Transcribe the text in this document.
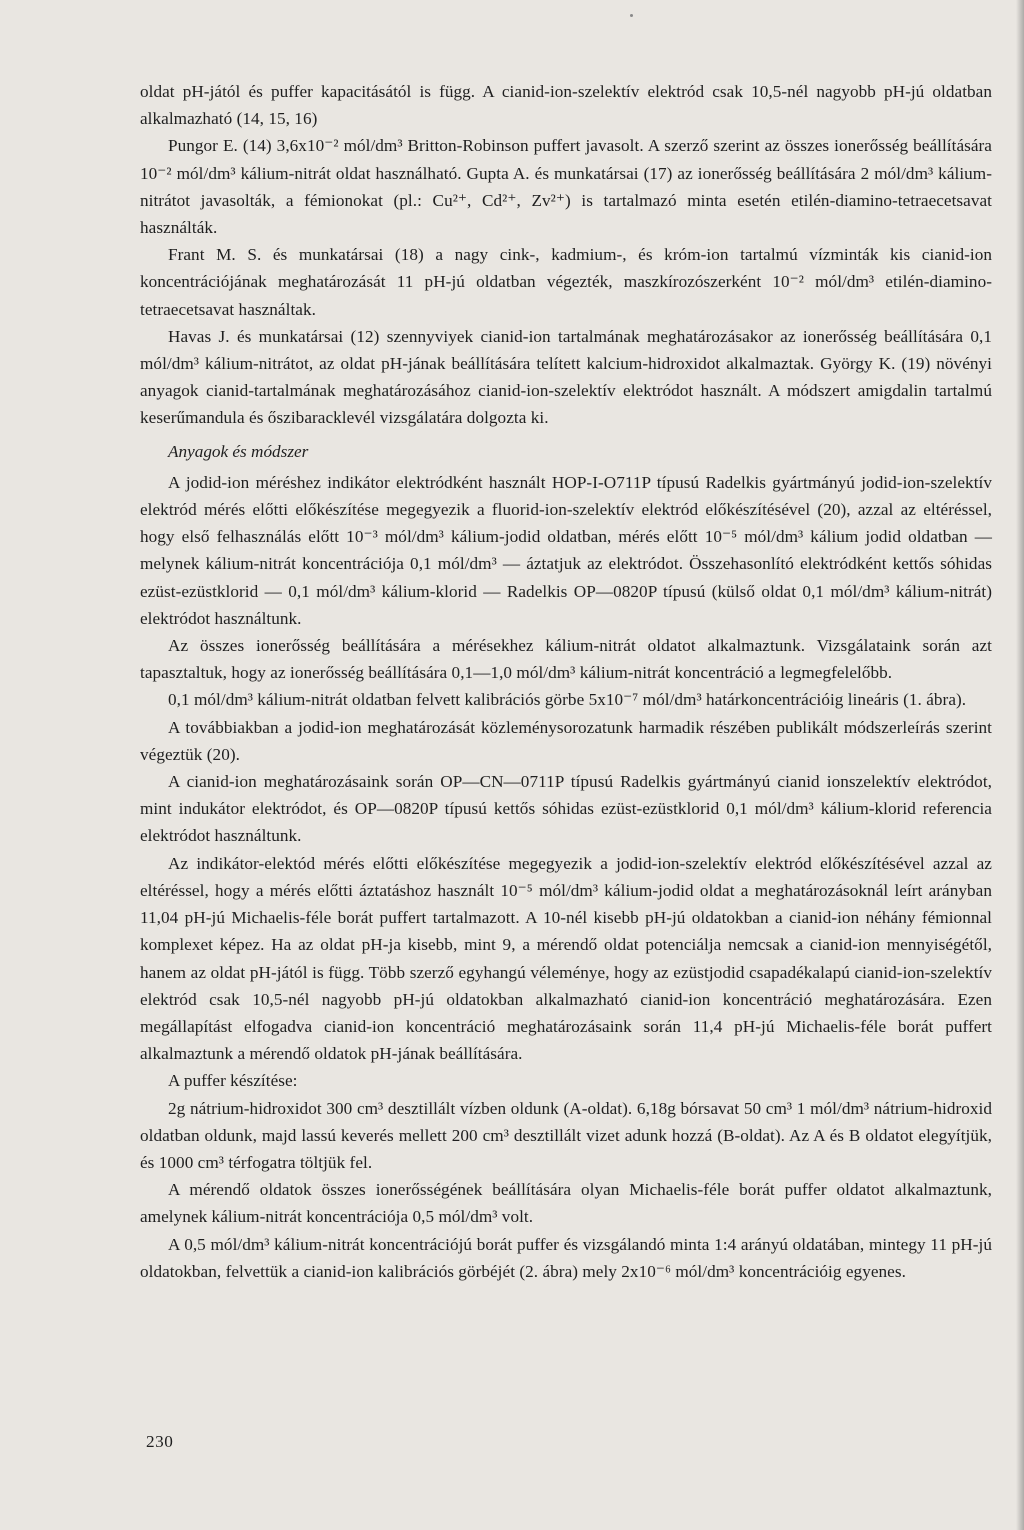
oldat pH-jától és puffer kapacitásától is függ. A cianid-ion-szelektív elektród csak 10,5-nél nagyobb pH-jú oldatban alkalmazható (14, 15, 16)

Pungor E. (14) 3,6x10⁻² mól/dm³ Britton-Robinson puffert javasolt. A szerző szerint az összes ionerősség beállítására 10⁻² mól/dm³ kálium-nitrát oldat használható. Gupta A. és munkatársai (17) az ionerősség beállítására 2 mól/dm³ kálium-nitrátot javasolták, a fémionokat (pl.: Cu²⁺, Cd²⁺, Zv²⁺) is tartalmazó minta esetén etilén-diamino-tetraecetsavat használták.

Frant M. S. és munkatársai (18) a nagy cink-, kadmium-, és króm-ion tartalmú vízminták kis cianid-ion koncentrációjának meghatározását 11 pH-jú oldatban végezték, maszkírozószerként 10⁻² mól/dm³ etilén-diamino-tetraecetsavat használtak.

Havas J. és munkatársai (12) szennyviyek cianid-ion tartalmának meghatározásakor az ionerősség beállítására 0,1 mól/dm³ kálium-nitrátot, az oldat pH-jának beállítására telített kalcium-hidroxidot alkalmaztak. György K. (19) növényi anyagok cianid-tartalmának meghatározásához cianid-ion-szelektív elektródot használt. A módszert amigdalin tartalmú keserűmandula és őszibaracklevél vizsgálatára dolgozta ki.

Anyagok és módszer

A jodid-ion méréshez indikátor elektródként használt HOP-I-O711P típusú Radelkis gyártmányú jodid-ion-szelektív elektród mérés előtti előkészítése megegyezik a fluorid-ion-szelektív elektród előkészítésével (20), azzal az eltéréssel, hogy első felhasználás előtt 10⁻³ mól/dm³ kálium-jodid oldatban, mérés előtt 10⁻⁵ mól/dm³ kálium jodid oldatban — melynek kálium-nitrát koncentrációja 0,1 mól/dm³ — áztatjuk az elektródot. Összehasonlító elektródként kettős sóhidas ezüst-ezüstklorid — 0,1 mól/dm³ kálium-klorid — Radelkis OP—0820P típusú (külső oldat 0,1 mól/dm³ kálium-nitrát) elektródot használtunk.

Az összes ionerősség beállítására a mérésekhez kálium-nitrát oldatot alkalmaztunk. Vizsgálataink során azt tapasztaltuk, hogy az ionerősség beállítására 0,1—1,0 mól/dm³ kálium-nitrát koncentráció a legmegfelelőbb.

0,1 mól/dm³ kálium-nitrát oldatban felvett kalibrációs görbe 5x10⁻⁷ mól/dm³ határkoncentrációig lineáris (1. ábra).

A továbbiakban a jodid-ion meghatározását közleménysorozatunk harmadik részében publikált módszerleírás szerint végeztük (20).

A cianid-ion meghatározásaink során OP—CN—0711P típusú Radelkis gyártmányú cianid ionszelektív elektródot, mint indukátor elektródot, és OP—0820P típusú kettős sóhidas ezüst-ezüstklorid 0,1 mól/dm³ kálium-klorid referencia elektródot használtunk.

Az indikátor-elektód mérés előtti előkészítése megegyezik a jodid-ion-szelektív elektród előkészítésével azzal az eltéréssel, hogy a mérés előtti áztatáshoz használt 10⁻⁵ mól/dm³ kálium-jodid oldat a meghatározásoknál leírt arányban 11,04 pH-jú Michaelis-féle borát puffert tartalmazott. A 10-nél kisebb pH-jú oldatokban a cianid-ion néhány fémionnal komplexet képez. Ha az oldat pH-ja kisebb, mint 9, a mérendő oldat potenciálja nemcsak a cianid-ion mennyiségétől, hanem az oldat pH-jától is függ. Több szerző egyhangú véleménye, hogy az ezüstjodid csapadékalapú cianid-ion-szelektív elektród csak 10,5-nél nagyobb pH-jú oldatokban alkalmazható cianid-ion koncentráció meghatározására. Ezen megállapítást elfogadva cianid-ion koncentráció meghatározásaink során 11,4 pH-jú Michaelis-féle borát puffert alkalmaztunk a mérendő oldatok pH-jának beállítására.

A puffer készítése:

2g nátrium-hidroxidot 300 cm³ desztillált vízben oldunk (A-oldat). 6,18g bórsavat 50 cm³ 1 mól/dm³ nátrium-hidroxid oldatban oldunk, majd lassú keverés mellett 200 cm³ desztillált vizet adunk hozzá (B-oldat). Az A és B oldatot elegyítjük, és 1000 cm³ térfogatra töltjük fel.

A mérendő oldatok összes ionerősségének beállítására olyan Michaelis-féle borát puffer oldatot alkalmaztunk, amelynek kálium-nitrát koncentrációja 0,5 mól/dm³ volt.

A 0,5 mól/dm³ kálium-nitrát koncentrációjú borát puffer és vizsgálandó minta 1:4 arányú oldatában, mintegy 11 pH-jú oldatokban, felvettük a cianid-ion kalibrációs görbéjét (2. ábra) mely 2x10⁻⁶ mól/dm³ koncentrációig egyenes.

230
